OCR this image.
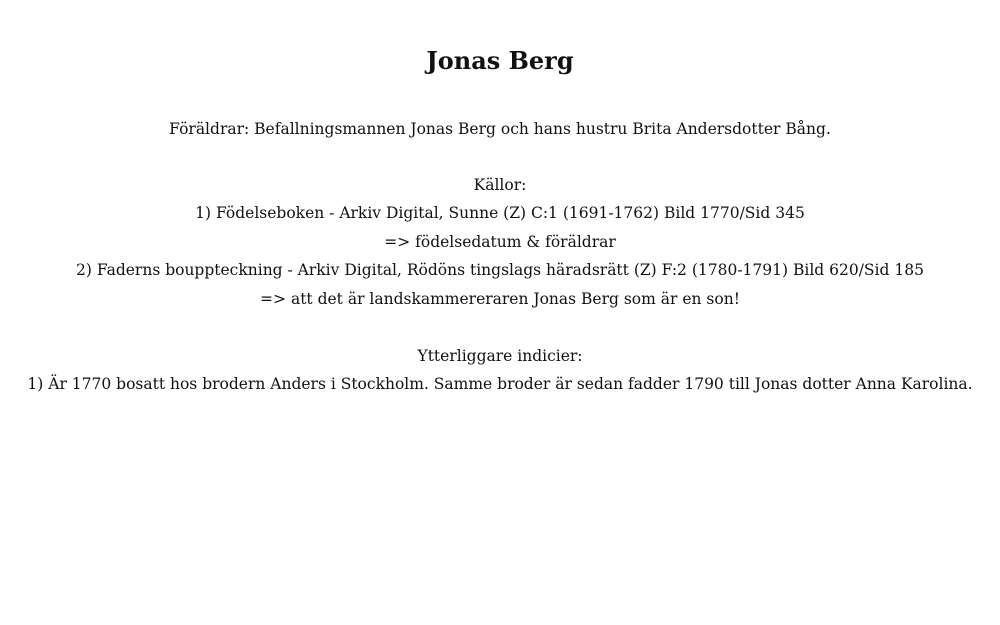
Jonas Berg
Föräldrar: Befallningsmannen Jonas Berg och hans hustru Brita Andersdotter Bång.
Källor:
1) Födelseboken - Arkiv Digital, Sunne (Z) C:1 (1691-1762) Bild 1770/Sid 345
=> födelsedatum & föräldrar
2) Faderns bouppteckning - Arkiv Digital, Rödöns tingslags häradsrätt (Z) F:2 (1780-1791) Bild 620/Sid 185
=> att det är landskammereraren Jonas Berg som är en son!
Ytterliggare indicier:
1) Är 1770 bosatt hos brodern Anders i Stockholm. Samme broder är sedan fadder 1790 till Jonas dotter Anna Karolina.
